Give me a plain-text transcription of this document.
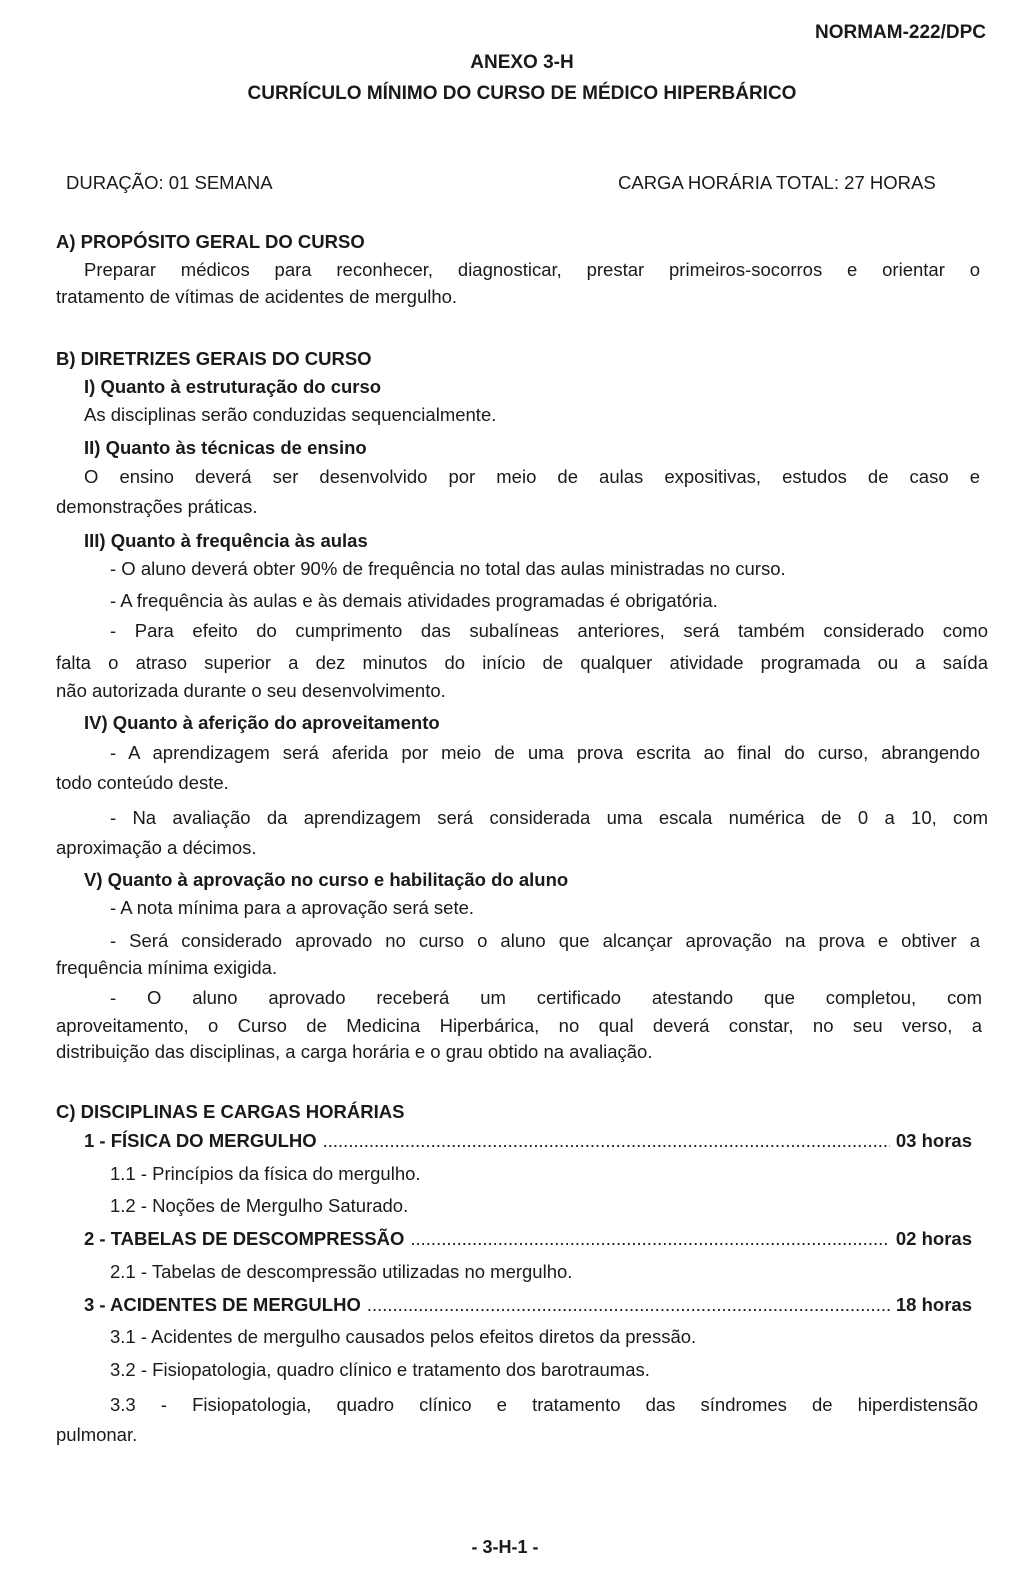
NORMAM-222/DPC
ANEXO 3-H
CURRÍCULO MÍNIMO DO CURSO DE MÉDICO HIPERBÁRICO
DURAÇÃO: 01 SEMANA	CARGA HORÁRIA TOTAL: 27 HORAS
A) PROPÓSITO GERAL DO CURSO
Preparar médicos para reconhecer, diagnosticar, prestar primeiros-socorros e orientar o
tratamento de vítimas de acidentes de mergulho.
B) DIRETRIZES GERAIS DO CURSO
I) Quanto à estruturação do curso
As disciplinas serão conduzidas sequencialmente.
II) Quanto às técnicas de ensino
O ensino deverá ser desenvolvido por meio de aulas expositivas, estudos de caso e
demonstrações práticas.
III) Quanto à frequência às aulas
- O aluno deverá obter 90% de frequência no total das aulas ministradas no curso.
- A frequência às aulas e às demais atividades programadas é obrigatória.
- Para efeito do cumprimento das subalíneas anteriores, será também considerado como
falta o atraso superior a dez minutos do início de qualquer atividade programada ou a saída
não autorizada durante o seu desenvolvimento.
IV) Quanto à aferição do aproveitamento
- A aprendizagem será aferida por meio de uma prova escrita ao final do curso, abrangendo
todo conteúdo deste.
- Na avaliação da aprendizagem será considerada uma escala numérica de 0 a 10, com
aproximação a décimos.
V) Quanto à aprovação no curso e habilitação do aluno
- A nota mínima para a aprovação será sete.
- Será considerado aprovado no curso o aluno que alcançar aprovação na prova e obtiver a
frequência mínima exigida.
- O aluno aprovado receberá um certificado atestando que completou, com
aproveitamento, o Curso de Medicina Hiperbárica, no qual deverá constar, no seu verso, a
distribuição das disciplinas, a carga horária e o grau obtido na avaliação.
C) DISCIPLINAS E CARGAS HORÁRIAS
1 - FÍSICA DO MERGULHO .....	03 horas
1.1 - Princípios da física do mergulho.
1.2 - Noções de Mergulho Saturado.
2 - TABELAS DE DESCOMPRESSÃO .....	02 horas
2.1 - Tabelas de descompressão utilizadas no mergulho.
3 - ACIDENTES DE MERGULHO .....	18 horas
3.1 - Acidentes de mergulho causados pelos efeitos diretos da pressão.
3.2 - Fisiopatologia, quadro clínico e tratamento dos barotraumas.
3.3 - Fisiopatologia, quadro clínico e tratamento das síndromes de hiperdistensão
pulmonar.
- 3-H-1 -
